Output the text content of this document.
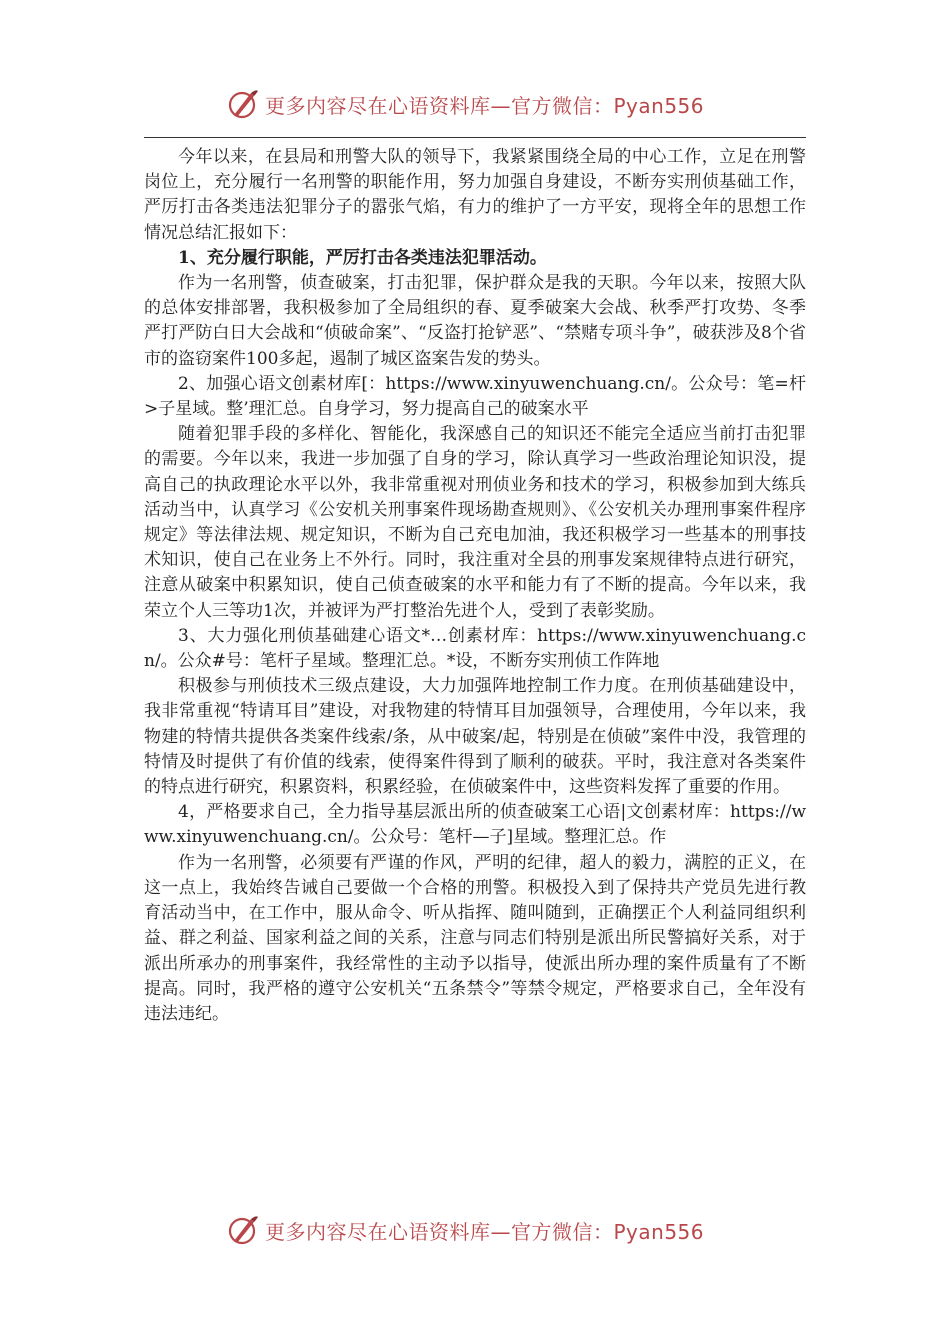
更多内容尽在心语资料库—官方微信：Pyan556

今年以来，在县局和刑警大队的领导下，我紧紧围绕全局的中心工作，立足在刑警岗位上，充分履行一名刑警的职能作用，努力加强自身建设，不断夯实刑侦基础工作，严厉打击各类违法犯罪分子的嚣张气焰，有力的维护了一方平安，现将全年的思想工作情况总结汇报如下：

1、充分履行职能，严厉打击各类违法犯罪活动。

作为一名刑警，侦查破案，打击犯罪，保护群众是我的天职。今年以来，按照大队的总体安排部署，我积极参加了全局组织的春、夏季破案大会战、秋季严打攻势、冬季严打严防白日大会战和“侦破命案”、“反盗打抢铲恶”、“禁赌专项斗争”，破获涉及8个省市的盗窃案件100多起，遏制了城区盗案告发的势头。

2、加强心语文创素材库[：https://www.xinyuwenchuang.cn/。公众号：笔=杆>子星域。整’理汇总。自身学习，努力提高自己的破案水平

随着犯罪手段的多样化、智能化，我深感自己的知识还不能完全适应当前打击犯罪的需要。今年以来，我进一步加强了自身的学习，除认真学习一些政治理论知识没，提高自己的执政理论水平以外，我非常重视对刑侦业务和技术的学习，积极参加到大练兵活动当中，认真学习《公安机关刑事案件现场勘查规则》、《公安机关办理刑事案件程序规定》等法律法规、规定知识，不断为自己充电加油，我还积极学习一些基本的刑事技术知识，使自己在业务上不外行。同时，我注重对全县的刑事发案规律特点进行研究，注意从破案中积累知识，使自己侦查破案的水平和能力有了不断的提高。今年以来，我荣立个人三等功1次，并被评为严打整治先进个人，受到了表彰奖励。

3、大力强化刑侦基础建心语文*…创素材库：https://www.xinyuwenchuang.cn/。公众#号：笔杆子星域。整理汇总。*设，不断夯实刑侦工作阵地

积极参与刑侦技术三级点建设，大力加强阵地控制工作力度。在刑侦基础建设中，我非常重视“特请耳目”建设，对我物建的特情耳目加强领导，合理使用，今年以来，我物建的特情共提供各类案件线索/条，从中破案/起，特别是在侦破”案件中没，我管理的特情及时提供了有价值的线索，使得案件得到了顺利的破获。平时，我注意对各类案件的特点进行研究，积累资料，积累经验，在侦破案件中，这些资料发挥了重要的作用。

4，严格要求自己，全力指导基层派出所的侦查破案工心语|文创素材库：https://www.xinyuwenchuang.cn/。公众号：笔杆—子]星域。整理汇总。作

作为一名刑警，必须要有严谨的作风，严明的纪律，超人的毅力，满腔的正义，在这一点上，我始终告诫自己要做一个合格的刑警。积极投入到了保持共产党员先进行教育活动当中，在工作中，服从命令、听从指挥、随叫随到，正确摆正个人利益同组织利益、群之利益、国家利益之间的关系，注意与同志们特别是派出所民警搞好关系，对于派出所承办的刑事案件，我经常性的主动予以指导，使派出所办理的案件质量有了不断提高。同时，我严格的遵守公安机关“五条禁令”等禁令规定，严格要求自己，全年没有违法违纪。

更多内容尽在心语资料库—官方微信：Pyan556
